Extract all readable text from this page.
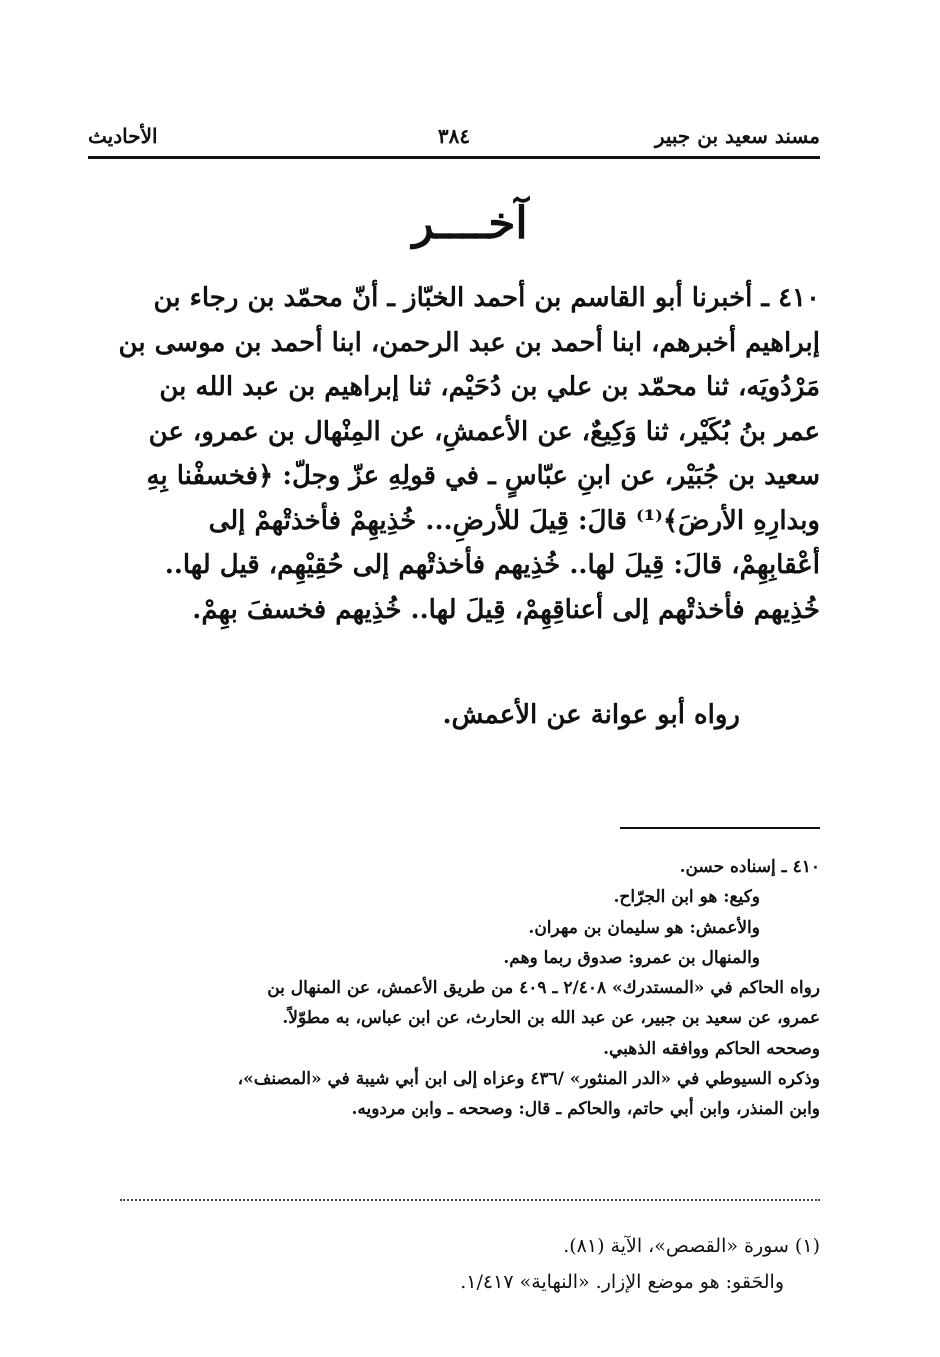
مسند سعيد بن جبير
٣٨٤
الأحاديث
آخــــر
٤١٠ ـ أخبرنا أبو القاسم بن أحمد الخبّاز ـ أنّ محمّد بن رجاء بن
إبراهيم أخبرهم، ابنا أحمد بن عبد الرحمن، ابنا أحمد بن موسى بن
مَرْدُويَه، ثنا محمّد بن علي بن دُحَيْم، ثنا إبراهيم بن عبد الله بن
عمر بنُ بُكَيْر، ثنا وَكِيعٌ، عن الأعمشِ، عن المِنْهال بن عمرو، عن
سعيد بن جُبَيْر، عن ابنِ عبّاسٍ ـ في قولِهِ عزّ وجلّ: ﴿فخسفْنا بِهِ
وبدارِهِ الأرضَ﴾⁽¹⁾ قالَ: قِيلَ للأرضِ... خُذِيهِمْ فأخذتْهمْ إلى
أعْقابِهِمْ، قالَ: قِيلَ لها.. خُذِيهم فأخذتْهم إلى حُقِيْهِم، قيل لها..
خُذِيهم فأخذتْهم إلى أعناقِهِمْ، قِيلَ لها.. خُذِيهم فخسفَ بهِمْ.
رواه أبو عوانة عن الأعمش.
٤١٠ ـ إسناده حسن.
وكيع: هو ابن الجرّاح.
والأعمش: هو سليمان بن مهران.
والمنهال بن عمرو: صدوق ربما وهم.
رواه الحاكم في «المستدرك» ٢/٤٠٨ ـ ٤٠٩ من طريق الأعمش، عن المنهال بن
عمرو، عن سعيد بن جبير، عن عبد الله بن الحارث، عن ابن عباس، به مطوّلاً.
وصححه الحاكم ووافقه الذهبي.
وذكره السيوطي في «الدر المنثور» /٤٣٦ وعزاه إلى ابن أبي شيبة في «المصنف»،
وابن المنذر، وابن أبي حاتم، والحاكم ـ قال: وصححه ـ وابن مردويه.
(١) سورة «القصص»، الآية (٨١).
والحَقو: هو موضع الإزار. «النهاية» ١/٤١٧.
